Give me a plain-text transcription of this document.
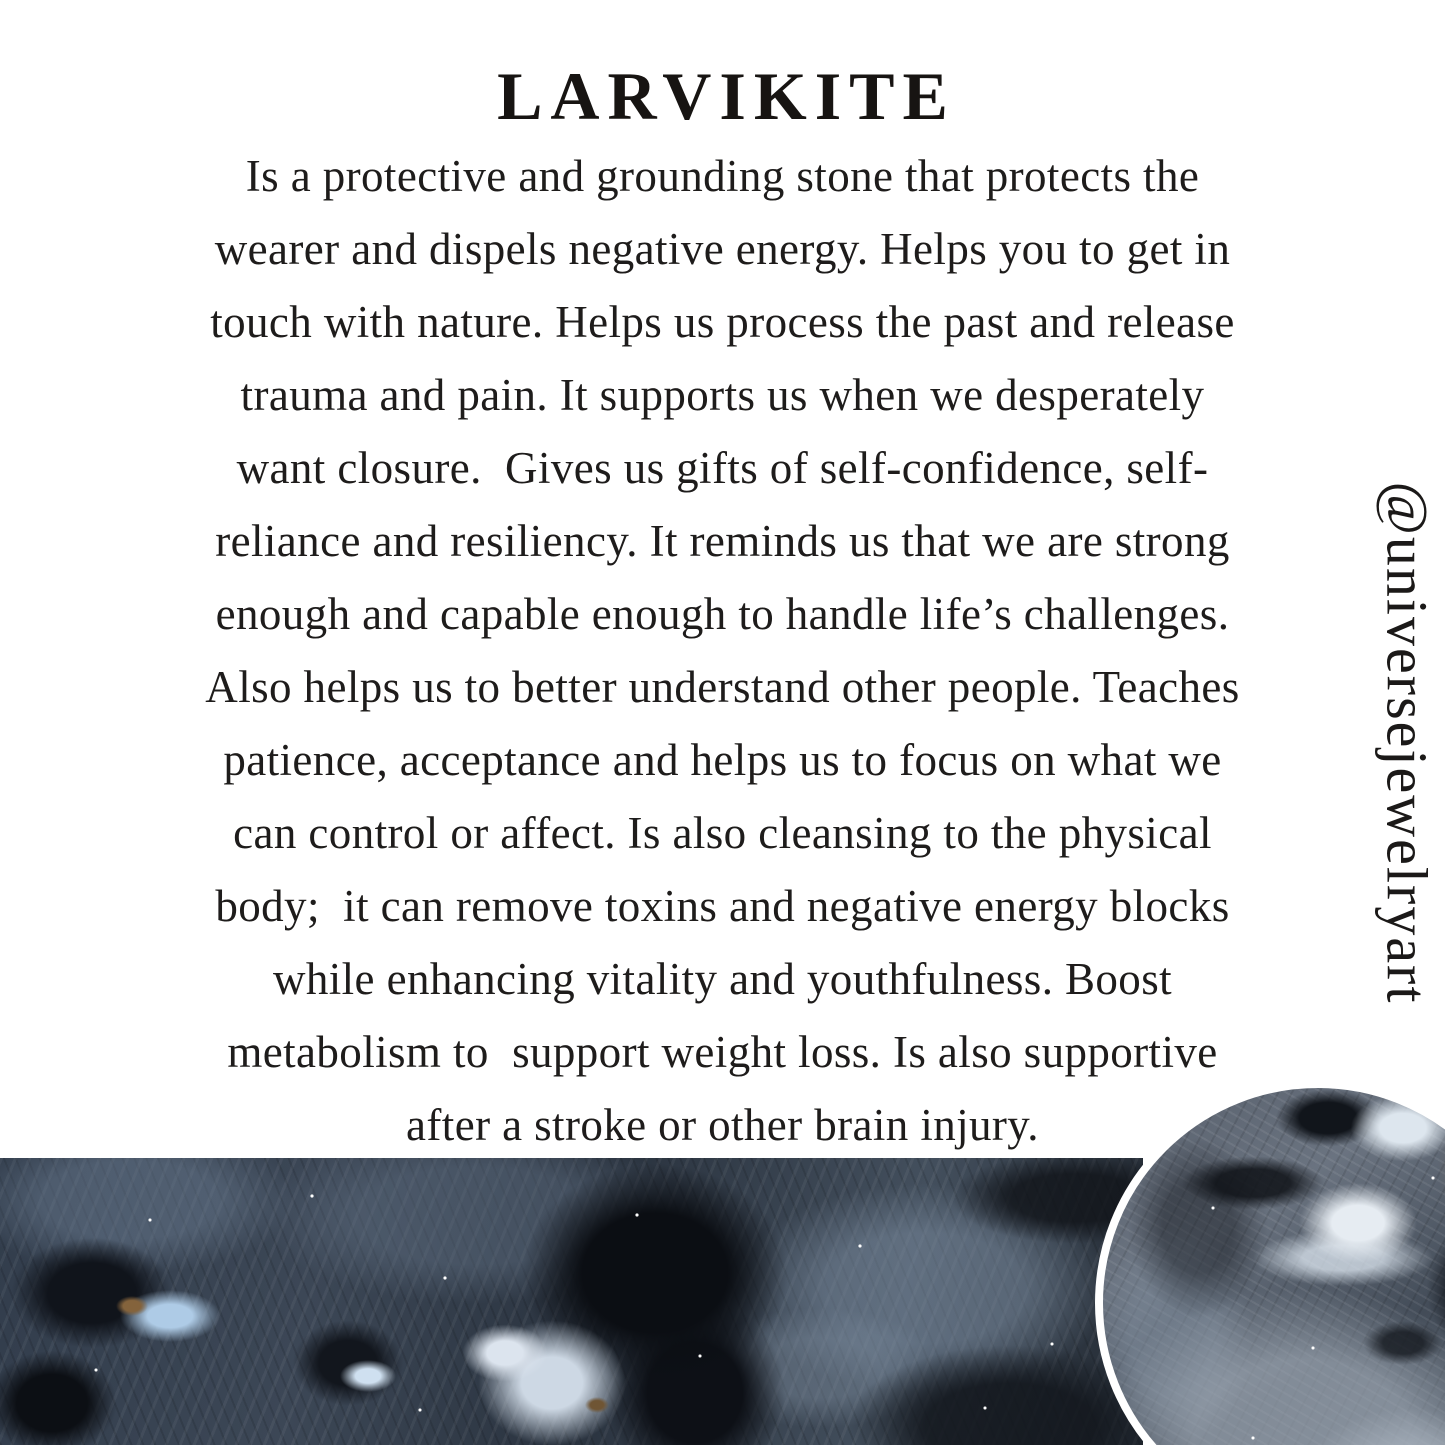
LARVIKITE
Is a protective and grounding stone that protects the
wearer and dispels negative energy. Helps you to get in
touch with nature. Helps us process the past and release
trauma and pain. It supports us when we desperately
want closure.  Gives us gifts of self-confidence, self-
reliance and resiliency. It reminds us that we are strong
enough and capable enough to handle life’s challenges.
Also helps us to better understand other people. Teaches
patience, acceptance and helps us to focus on what we
can control or affect. Is also cleansing to the physical
body;  it can remove toxins and negative energy blocks
while enhancing vitality and youthfulness. Boost
metabolism to  support weight loss. Is also supportive
after a stroke or other brain injury.
@universejewelryart
